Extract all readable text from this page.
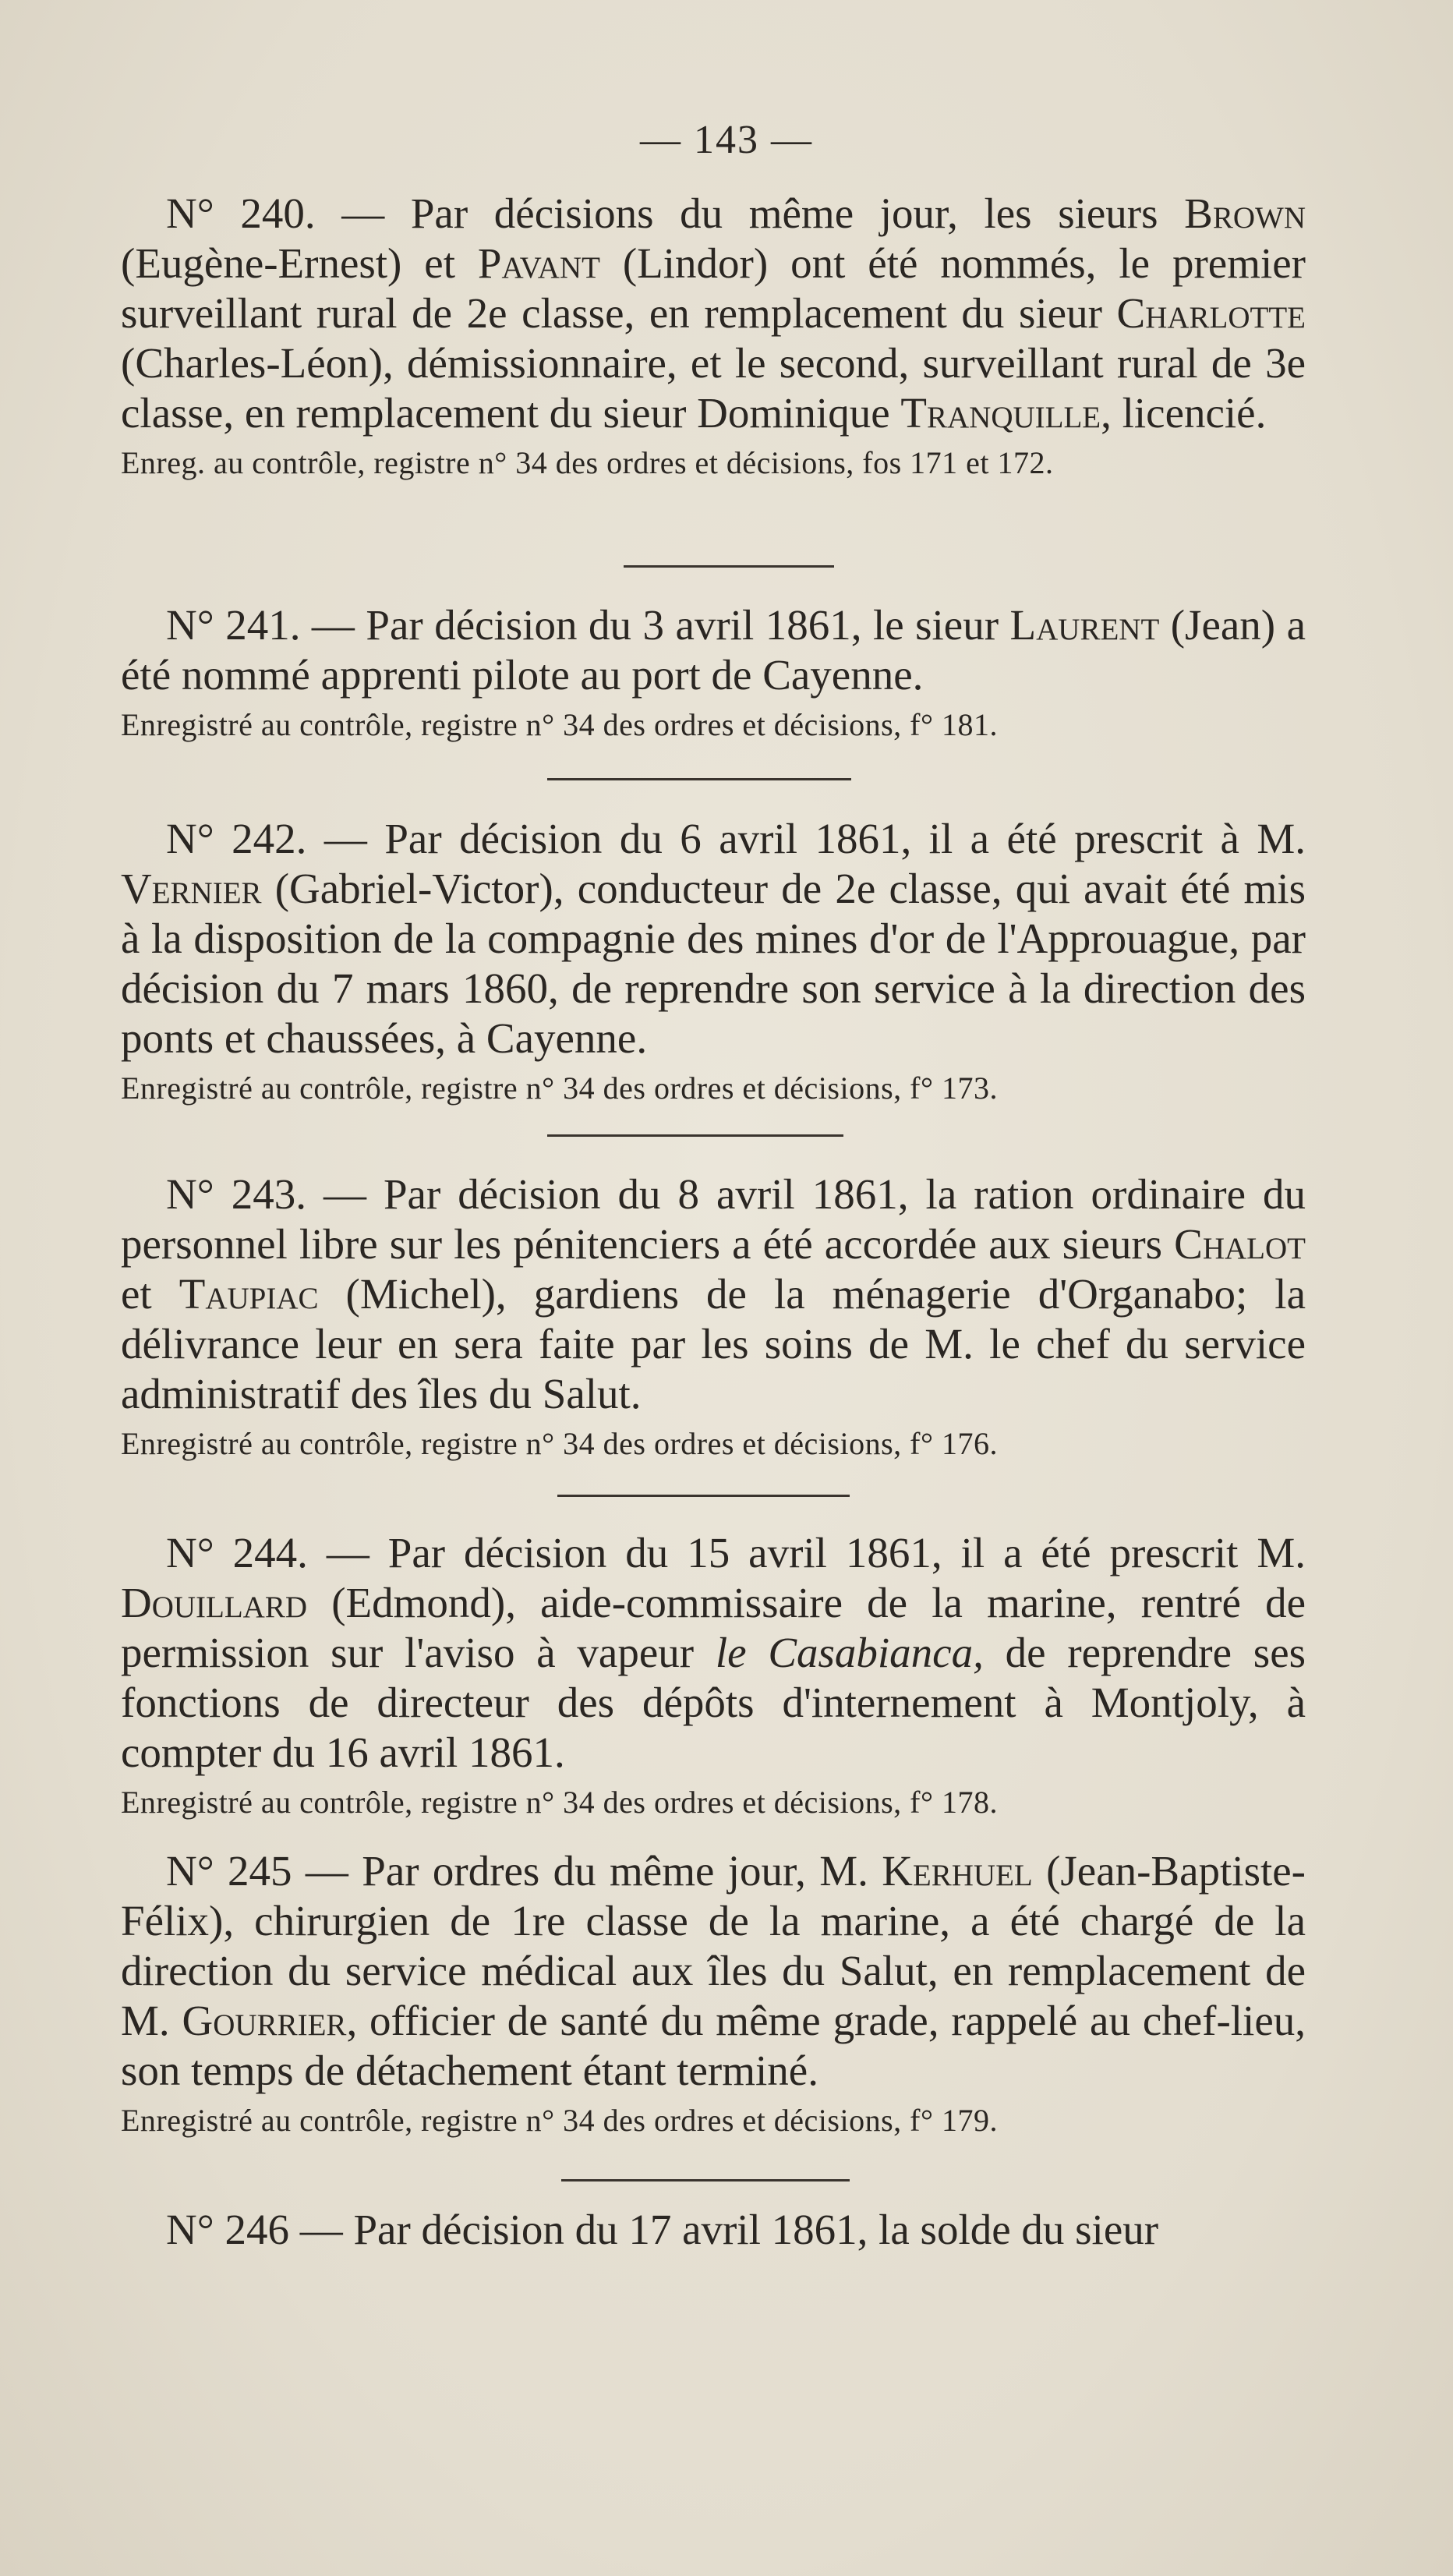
— 143 —

N° 240. — Par décisions du même jour, les sieurs Brown (Eugène-Ernest) et Pavant (Lindor) ont été nommés, le premier surveillant rural de 2e classe, en remplacement du sieur Charlotte (Charles-Léon), démissionnaire, et le second, surveillant rural de 3e classe, en remplacement du sieur Dominique Tranquille, licencié.

Enreg. au contrôle, registre n° 34 des ordres et décisions, fos 171 et 172.

N° 241. — Par décision du 3 avril 1861, le sieur Laurent (Jean) a été nommé apprenti pilote au port de Cayenne.

Enregistré au contrôle, registre n° 34 des ordres et décisions, f° 181.

N° 242. — Par décision du 6 avril 1861, il a été prescrit à M. Vernier (Gabriel-Victor), conducteur de 2e classe, qui avait été mis à la disposition de la compagnie des mines d'or de l'Approuague, par décision du 7 mars 1860, de reprendre son service à la direction des ponts et chaussées, à Cayenne.

Enregistré au contrôle, registre n° 34 des ordres et décisions, f° 173.

N° 243. — Par décision du 8 avril 1861, la ration ordinaire du personnel libre sur les pénitenciers a été accordée aux sieurs Chalot et Taupiac (Michel), gardiens de la ménagerie d'Organabo; la délivrance leur en sera faite par les soins de M. le chef du service administratif des îles du Salut.

Enregistré au contrôle, registre n° 34 des ordres et décisions, f° 176.

N° 244. — Par décision du 15 avril 1861, il a été prescrit M. Douillard (Edmond), aide-commissaire de la marine, rentré de permission sur l'aviso à vapeur le Casabianca, de reprendre ses fonctions de directeur des dépôts d'internement à Montjoly, à compter du 16 avril 1861.

Enregistré au contrôle, registre n° 34 des ordres et décisions, f° 178.

N° 245 — Par ordres du même jour, M. Kerhuel (Jean-Baptiste-Félix), chirurgien de 1re classe de la marine, a été chargé de la direction du service médical aux îles du Salut, en remplacement de M. Gourrier, officier de santé du même grade, rappelé au chef-lieu, son temps de détachement étant terminé.

Enregistré au contrôle, registre n° 34 des ordres et décisions, f° 179.

N° 246 — Par décision du 17 avril 1861, la solde du sieur
